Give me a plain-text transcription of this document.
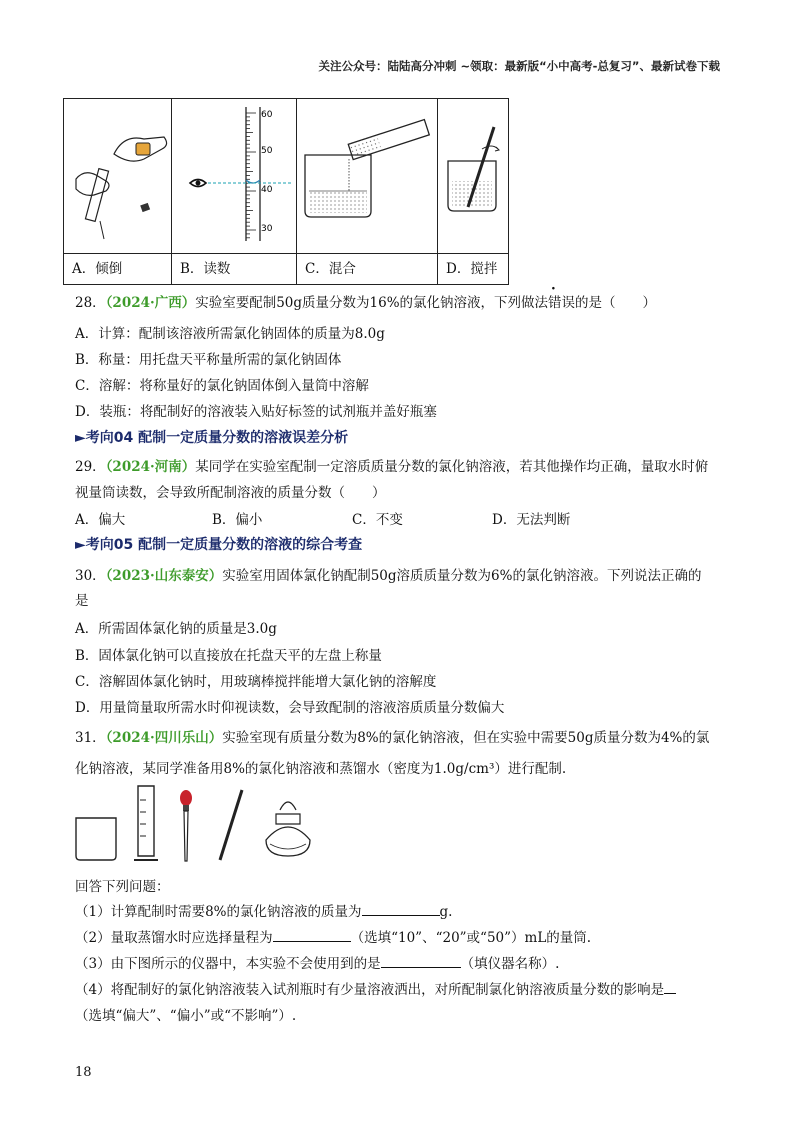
关注公众号：陆陆高分冲刺 ~领取：最新版“小中高考-总复习”、最新试卷下载

60
50
40
30

A．倾倒	B．读数	C．混合	D．搅拌
28．（2024·广西）实验室要配制50g质量分数为16%的氯化钠溶液，下列做法错误的是（　　）
A．计算：配制该溶液所需氯化钠固体的质量为8.0g
B．称量：用托盘天平称量所需的氯化钠固体
C．溶解：将称量好的氯化钠固体倒入量筒中溶解
D．装瓶：将配制好的溶液装入贴好标签的试剂瓶并盖好瓶塞
►考向04 配制一定质量分数的溶液误差分析
29．（2024·河南）某同学在实验室配制一定溶质质量分数的氯化钠溶液，若其他操作均正确，量取水时俯
视量筒读数，会导致所配制溶液的质量分数（　　）
A．偏大	B．偏小	C．不变	D．无法判断
►考向05 配制一定质量分数的溶液的综合考查
30．（2023·山东泰安）实验室用固体氯化钠配制50g溶质质量分数为6%的氯化钠溶液。下列说法正确的
是
A．所需固体氯化钠的质量是3.0g
B．固体氯化钠可以直接放在托盘天平的左盘上称量
C．溶解固体氯化钠时，用玻璃棒搅拌能增大氯化钠的溶解度
D．用量筒量取所需水时仰视读数，会导致配制的溶液溶质质量分数偏大
31．（2024·四川乐山）实验室现有质量分数为8%的氯化钠溶液，但在实验中需要50g质量分数为4%的氯
化钠溶液，某同学准备用8%的氯化钠溶液和蒸馏水（密度为1.0g/cm³）进行配制.
回答下列问题：
（1）计算配制时需要8%的氯化钠溶液的质量为	g.
（2）量取蒸馏水时应选择量程为	（选填“10”、“20”或“50”）mL的量筒.
（3）由下图所示的仪器中，本实验不会使用到的是	（填仪器名称）.
（4）将配制好的氯化钠溶液装入试剂瓶时有少量溶液洒出，对所配制氯化钠溶液质量分数的影响是
（选填“偏大”、“偏小”或“不影响”）.
18
